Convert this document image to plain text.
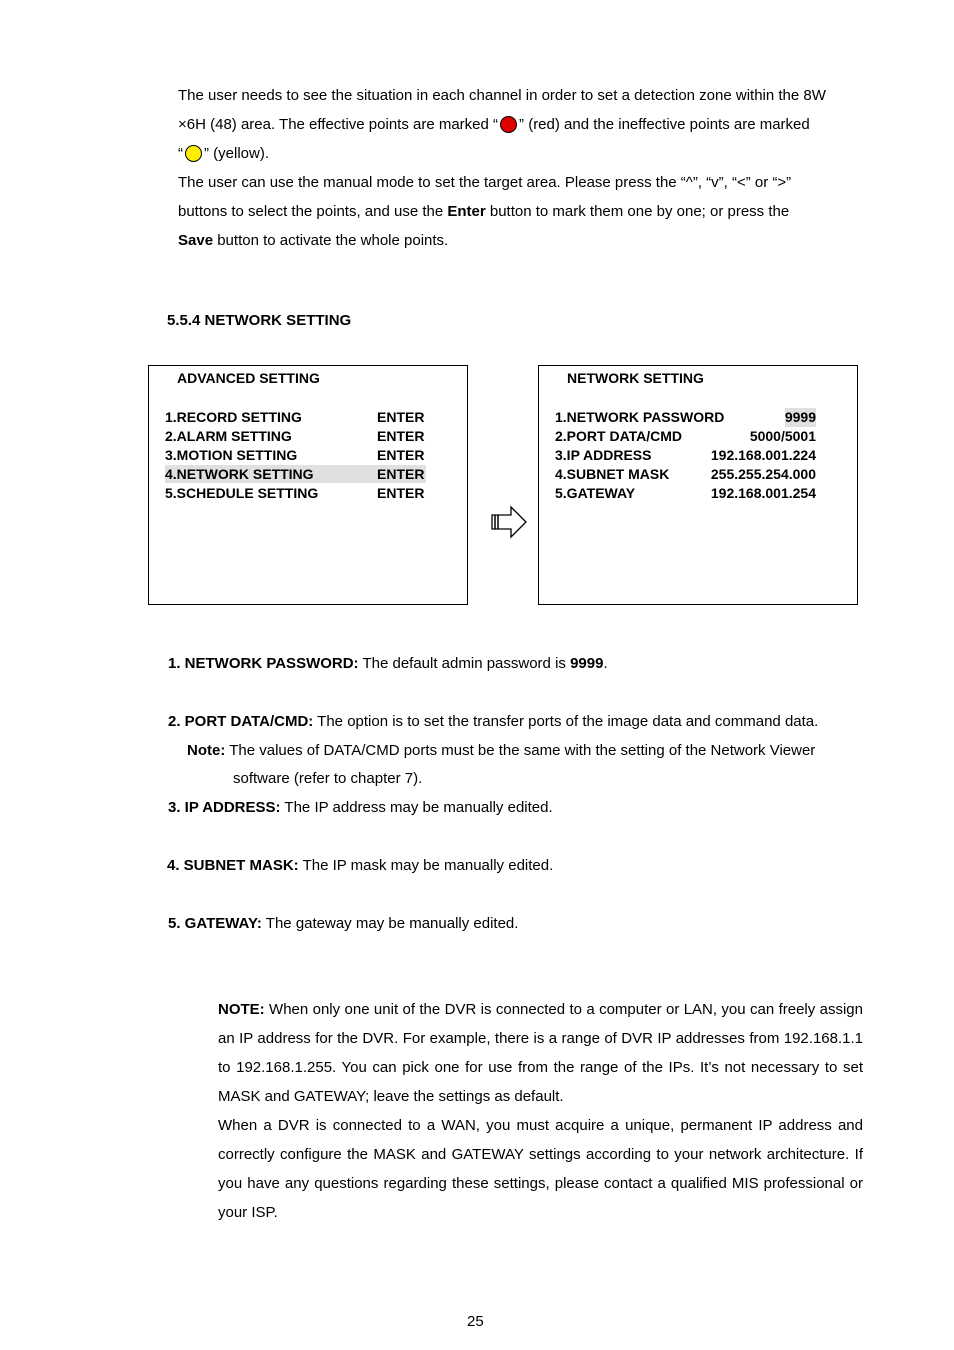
The user needs to see the situation in each channel in order to set a detection zone within the 8W
×6H (48) area. The effective points are marked “ ” (red) and the ineffective points are marked
“ ” (yellow).
The user can use the manual mode to set the target area. Please press the “^”, “v”, “<” or “>”
buttons to select the points, and use the Enter button to mark them one by one; or press the
Save button to activate the whole points.
5.5.4 NETWORK SETTING
ADVANCED SETTING
1.RECORD SETTING	ENTER
2.ALARM SETTING	ENTER
3.MOTION SETTING	ENTER
4.NETWORK SETTING	ENTER
5.SCHEDULE SETTING	ENTER
NETWORK SETTING
1.NETWORK PASSWORD	9999
2.PORT DATA/CMD	5000/5001
3.IP ADDRESS	192.168.001.224
4.SUBNET MASK	255.255.254.000
5.GATEWAY	192.168.001.254
1. NETWORK PASSWORD: The default admin password is 9999.
2. PORT DATA/CMD: The option is to set the transfer ports of the image data and command data.
Note: The values of DATA/CMD ports must be the same with the setting of the Network Viewer
software (refer to chapter 7).
3. IP ADDRESS: The IP address may be manually edited.
4. SUBNET MASK: The IP mask may be manually edited.
5. GATEWAY: The gateway may be manually edited.

NOTE: When only one unit of the DVR is connected to a computer or LAN, you can freely assign an IP address for the DVR. For example, there is a range of DVR IP addresses from 192.168.1.1 to 192.168.1.255. You can pick one for use from the range of the IPs. It’s not necessary to set MASK and GATEWAY; leave the settings as default.

When a DVR is connected to a WAN, you must acquire a unique, permanent IP address and correctly configure the MASK and GATEWAY settings according to your network architecture. If you have any questions regarding these settings, please contact a qualified MIS professional or your ISP.

25
